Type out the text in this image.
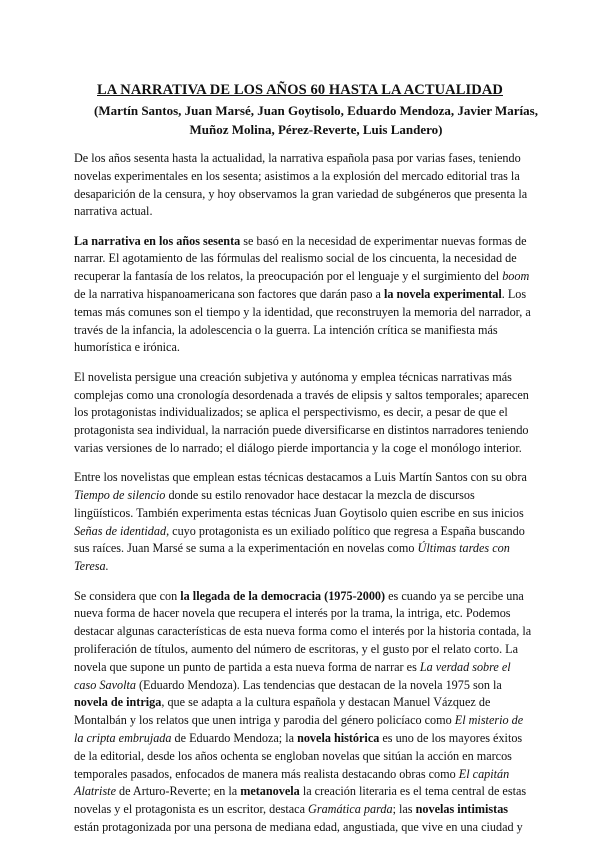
LA NARRATIVA DE LOS AÑOS 60 HASTA LA ACTUALIDAD

(Martín Santos, Juan Marsé, Juan Goytisolo, Eduardo Mendoza, Javier Marías, Muñoz Molina, Pérez-Reverte, Luis Landero)

De los años sesenta hasta la actualidad, la narrativa española pasa por varias fases, teniendo novelas experimentales en los sesenta; asistimos a la explosión del mercado editorial tras la desaparición de la censura, y hoy observamos la gran variedad de subgéneros que presenta la narrativa actual.

La narrativa en los años sesenta se basó en la necesidad de experimentar nuevas formas de narrar. El agotamiento de las fórmulas del realismo social de los cincuenta, la necesidad de recuperar la fantasía de los relatos, la preocupación por el lenguaje y el surgimiento del boom de la narrativa hispanoamericana son factores que darán paso a la novela experimental. Los temas más comunes son el tiempo y la identidad, que reconstruyen la memoria del narrador, a través de la infancia, la adolescencia o la guerra. La intención crítica se manifiesta más humorística e irónica.

El novelista persigue una creación subjetiva y autónoma y emplea técnicas narrativas más complejas como una cronología desordenada a través de elipsis y saltos temporales; aparecen los protagonistas individualizados; se aplica el perspectivismo, es decir, a pesar de que el protagonista sea individual, la narración puede diversificarse en distintos narradores teniendo varias versiones de lo narrado; el diálogo pierde importancia y la coge el monólogo interior.

Entre los novelistas que emplean estas técnicas destacamos a Luis Martín Santos con su obra Tiempo de silencio donde su estilo renovador hace destacar la mezcla de discursos lingüísticos. También experimenta estas técnicas Juan Goytisolo quien escribe en sus inicios Señas de identidad, cuyo protagonista es un exiliado político que regresa a España buscando sus raíces. Juan Marsé se suma a la experimentación en novelas como Últimas tardes con Teresa.

Se considera que con la llegada de la democracia (1975-2000) es cuando ya se percibe una nueva forma de hacer novela que recupera el interés por la trama, la intriga, etc. Podemos destacar algunas características de esta nueva forma como el interés por la historia contada, la proliferación de títulos, aumento del número de escritoras, y el gusto por el relato corto. La novela que supone un punto de partida a esta nueva forma de narrar es La verdad sobre el caso Savolta (Eduardo Mendoza). Las tendencias que destacan de la novela 1975 son la novela de intriga, que se adapta a la cultura española y destacan Manuel Vázquez de Montalbán y los relatos que unen intriga y parodia del género policíaco como El misterio de la cripta embrujada de Eduardo Mendoza; la novela histórica es uno de los mayores éxitos de la editorial, desde los años ochenta se engloban novelas que sitúan la acción en marcos temporales pasados, enfocados de manera más realista destacando obras como El capitán Alatriste de Arturo-Reverte; en la metanovela la creación literaria es el tema central de estas novelas y el protagonista es un escritor, destaca Gramática parda; las novelas intimistas están protagonizada por una persona de mediana edad, angustiada, que vive en una ciudad y
